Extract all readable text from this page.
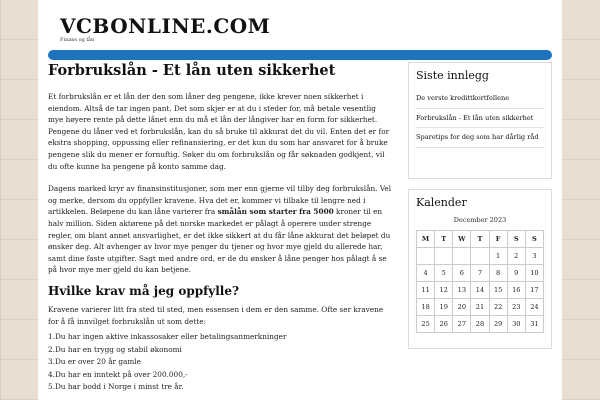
VCBONLINE.COM
Finans og lån
Forbrukslån - Et lån uten sikkerhet

Et forbrukslån er et lån der den som låner deg pengene, ikke krever noen sikkerhet i eiendom. Altså de tar ingen pant. Det som skjer er at du i steder for, må betale vesentlig mye høyere rente på dette lånet enn du må et lån der långiver har en form for sikkerhet. Pengene du låner ved et forbrukslån, kan du så bruke til akkurat det du vil. Enten det er for ekstra shopping, oppussing eller refinansiering, er det kun du som har ansvaret for å bruke pengene slik du mener er fornuftig. Søker du om forbrukslån og får søknaden godkjent, vil du ofte kunne ha pengene på konto samme dag.

Dagens marked kryr av finansinstitusjoner, som mer enn gjerne vil tilby deg forbrukslån. Vel og merke, dersom du oppfyller kravene. Hva det er, kommer vi tilbake til lengre ned i artikkelen. Beløpene du kan låne varierer fra smålån som starter fra 5000 kroner til en halv million. Siden aktørene på det norske markedet er pålagt å operere under strenge regler, om blant annet ansvarlighet, er det ikke sikkert at du får låne akkurat det beløpet du ønsker deg. Alt avhenger av hvor mye penger du tjener og hvor mye gjeld du allerede har, samt dine faste utgifter. Sagt med andre ord, er de du ønsker å låne penger hos pålagt å se på hvor mye mer gjeld du kan betjene.

Hvilke krav må jeg oppfylle?

Kravene varierer litt fra sted til sted, men essensen i dem er den samme. Ofte ser kravene for å få innvilget forbrukslån ut som dette:

1.Du har ingen aktive inkassosaker eller betalingsanmerkninger
2.Du har en trygg og stabil økonomi
3.Du er over 20 år gamle
4.Du har en inntekt på over 200.000,-
5.Du har bodd i Norge i minst tre år.
Siste innlegg
De verste kredittkortfellene
Forbrukslån - Et lån uten sikkerhet
Sparetips for deg som har dårlig råd
Kalender
December 2023
M	T	W	T	F	S	S
				1	2	3
4	5	6	7	8	9	10
11	12	13	14	15	16	17
18	19	20	21	22	23	24
25	26	27	28	29	30	31
